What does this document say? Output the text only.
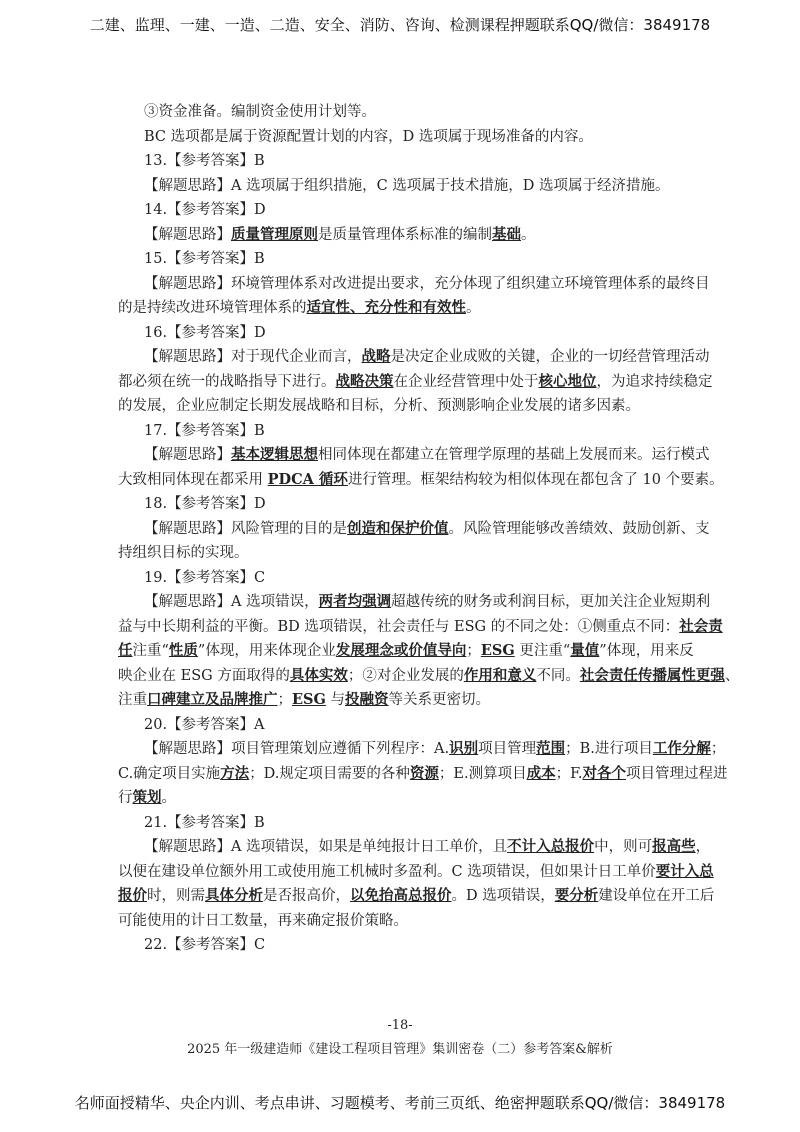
二建、监理、一建、一造、二造、安全、消防、咨询、检测课程押题联系QQ/微信：3849178
③资金准备。编制资金使用计划等。
BC 选项都是属于资源配置计划的内容，D 选项属于现场准备的内容。
13.【参考答案】B
【解题思路】A 选项属于组织措施，C 选项属于技术措施，D 选项属于经济措施。
14.【参考答案】D
【解题思路】质量管理原则是质量管理体系标准的编制基础。
15.【参考答案】B
【解题思路】环境管理体系对改进提出要求，充分体现了组织建立环境管理体系的最终目
的是持续改进环境管理体系的适宜性、充分性和有效性。
16.【参考答案】D
【解题思路】对于现代企业而言，战略是决定企业成败的关键，企业的一切经营管理活动
都必须在统一的战略指导下进行。战略决策在企业经营管理中处于核心地位，为追求持续稳定
的发展，企业应制定长期发展战略和目标，分析、预测影响企业发展的诸多因素。
17.【参考答案】B
【解题思路】基本逻辑思想相同体现在都建立在管理学原理的基础上发展而来。运行模式
大致相同体现在都采用 PDCA 循环进行管理。框架结构较为相似体现在都包含了 10 个要素。
18.【参考答案】D
【解题思路】风险管理的目的是创造和保护价值。风险管理能够改善绩效、鼓励创新、支
持组织目标的实现。
19.【参考答案】C
【解题思路】A 选项错误，两者均强调超越传统的财务或利润目标，更加关注企业短期利
益与中长期利益的平衡。BD 选项错误，社会责任与 ESG 的不同之处：①侧重点不同：社会责
任注重“性质”体现，用来体现企业发展理念或价值导向；ESG 更注重“量值”体现，用来反
映企业在 ESG 方面取得的具体实效；②对企业发展的作用和意义不同。社会责任传播属性更强、
注重口碑建立及品牌推广；ESG 与投融资等关系更密切。
20.【参考答案】A
【解题思路】项目管理策划应遵循下列程序：A.识别项目管理范围；B.进行项目工作分解；
C.确定项目实施方法；D.规定项目需要的各种资源；E.测算项目成本；F.对各个项目管理过程进
行策划。
21.【参考答案】B
【解题思路】A 选项错误，如果是单纯报计日工单价，且不计入总报价中，则可报高些，
以便在建设单位额外用工或使用施工机械时多盈利。C 选项错误，但如果计日工单价要计入总
报价时，则需具体分析是否报高价，以免抬高总报价。D 选项错误，要分析建设单位在开工后
可能使用的计日工数量，再来确定报价策略。
22.【参考答案】C
-18-
2025 年一级建造师《建设工程项目管理》集训密卷（二）参考答案&解析
名师面授精华、央企内训、考点串讲、习题模考、考前三页纸、绝密押题联系QQ/微信：3849178
